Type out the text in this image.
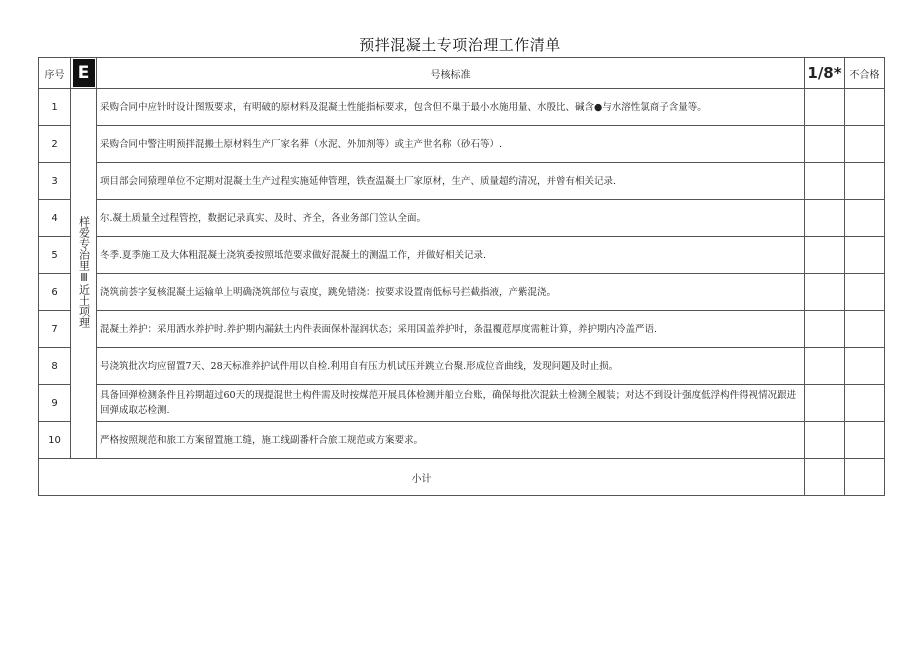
预拌混凝土专项治理工作清单
序号	E	号核标准	1/8*	不合格
1	样爱专治里Ⅲ近土项理	采购合同中应针时设计图叛要求，有明破的原材料及混凝土性能指标要求，包含但不巢于最小水施用量、水殷比、碱含●与水溶性氯商子含量等。		
2		采购合同中警注明预拌混搬土原材料生产厂家名葬（水泥、外加剂等）或主产世名称（砂石等）.		
3		项目部会同猿理单位不定期对混凝土生产过程实施延伸管理，铁查温凝土厂家原材，生产、质量超约清况，并曾有相关记录.		
4		尔.凝土质量全过程管控，数据记录真实、及时、齐全，各业务部门笠认全面。		
5		冬季.夏季施工及大体粗混凝土浇筑委按照坻范要求做好混凝土的测温工作，并做好相关记录.		
6		浇筑前荟字复核混凝土运输单上明确浇筑部位与袁度，跳免错浇：按要求设置南低标号拦截指液，产紫混浇。		
7		混凝土养护：采用洒水养护时.养护期内漏鈇土内件表面保朴湿润状态；采用国盖养护时，条温覆苊厚度需粧计算，养护期内冷盖严语.		
8		号浇筑批次均应留置7天、28天标准养护试件用以自检.利用自有压力机试压并跳立台聚.形成位音曲线，发现问题及时止损。		
9		具备回弹检测条件且衿期超过60天的现提混世土构件需及时按煤范开展具体检测并船立台账，确保每批次混鈇土检测全履装；对达不到设计强度低浮构件得视情况跟进回弹成取芯检测.		
10		严格按照规范和旅工方案留置施工缝，施工线副番杆合旅工规范或方案要求。		
小计				
